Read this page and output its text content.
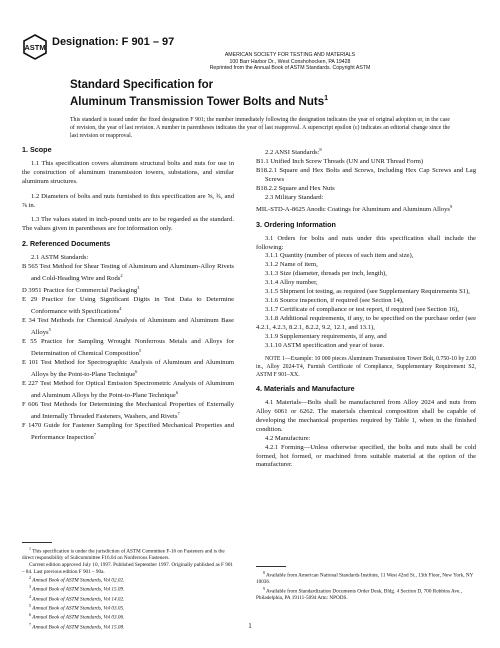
ASTM Designation: F 901 – 97
AMERICAN SOCIETY FOR TESTING AND MATERIALS
100 Barr Harbor Dr., West Conshohocken, PA 19428
Reprinted from the Annual Book of ASTM Standards. Copyright ASTM
Standard Specification for
Aluminum Transmission Tower Bolts and Nuts$^1$
This standard is issued under the fixed designation F 901; the number immediately following the designation indicates the year of original adoption or, in the case of revision, the year of last revision. A number in parentheses indicates the year of last reapproval. A superscript epsilon (ε) indicates an editorial change since the last revision or reapproval.
1. Scope

1.1 This specification covers aluminum structural bolts and nuts for use in the construction of aluminum transmission towers, substations, and similar aluminum structures.

1.2 Diameters of bolts and nuts furnished to this specification are ⅝, ¾, and ⅞ in.

1.3 The values stated in inch-pound units are to be regarded as the standard. The values given in parentheses are for information only.

2. Referenced Documents

2.1 ASTM Standards:

B 565 Test Method for Shear Testing of Aluminum and Aluminum-Alloy Rivets and Cold-Heading Wire and Rods$^2$

D 3951 Practice for Commercial Packaging$^3$

E 29 Practice for Using Significant Digits in Test Data to Determine Conformance with Specifications$^4$

E 34 Test Methods for Chemical Analysis of Aluminum and Aluminum Base Alloys$^5$

E 55 Practice for Sampling Wrought Nonferrous Metals and Alloys for Determination of Chemical Composition$^5$

E 101 Test Method for Spectrographic Analysis of Aluminum and Aluminum Alloys by the Point-to-Plane Technique$^6$

E 227 Test Method for Optical Emission Spectrometric Analysis of Aluminum and Aluminum Alloys by the Point-to-Plane Technique$^6$

F 606 Test Methods for Determining the Mechanical Properties of Externally and Internally Threaded Fasteners, Washers, and Rivets$^7$

F 1470 Guide for Fastener Sampling for Specified Mechanical Properties and Performance Inspection$^7$

$^1$ This specification is under the jurisdiction of ASTM Committee F-16 on Fasteners and is the direct responsibility of Subcommittee F16.04 on Nonferrous Fasteners.

Current edition approved July 10, 1997. Published September 1997. Originally published as F 901 – 84. Last previous edition F 901 – 90a.

$^2$ Annual Book of ASTM Standards, Vol 02.02.

$^3$ Annual Book of ASTM Standards, Vol 15.09.

$^4$ Annual Book of ASTM Standards, Vol 14.02.

$^5$ Annual Book of ASTM Standards, Vol 03.05.

$^6$ Annual Book of ASTM Standards, Vol 03.06.

$^7$ Annual Book of ASTM Standards, Vol 15.08.

2.2 ANSI Standards:$^8$

B1.1 Unified Inch Screw Threads (UN and UNR Thread Form)

B18.2.1 Square and Hex Bolts and Screws, Including Hex Cap Screws and Lag Screws

B18.2.2 Square and Hex Nuts

2.3 Military Standard:

MIL-STD-A-8625 Anodic Coatings for Aluminum and Aluminum Alloys$^9$

3. Ordering Information

3.1 Orders for bolts and nuts under this specification shall include the following:

3.1.1 Quantity (number of pieces of each item and size),

3.1.2 Name of item,

3.1.3 Size (diameter, threads per inch, length),

3.1.4 Alloy number,

3.1.5 Shipment lot testing, as required (see Supplementary Requirements S1),

3.1.6 Source inspection, if required (see Section 14),

3.1.7 Certificate of compliance or test report, if required (see Section 16),

3.1.8 Additional requirements, if any, to be specified on the purchase order (see 4.2.1, 4.2.3, 8.2.1, 8.2.2, 9.2, 12.1, and 13.1),

3.1.9 Supplementary requirements, if any, and

3.1.10 ASTM specification and year of issue.

NOTE 1—Example: 10 000 pieces Aluminum Transmission Tower Bolt, 0.750-10 by 2.00 in., Alloy 2024-T4, Furnish Certificate of Compliance, Supplementary Requirement S2, ASTM F 901–XX.

4. Materials and Manufacture

4.1 Materials—Bolts shall be manufactured from Alloy 2024 and nuts from Alloy 6061 or 6262. The materials chemical composition shall be capable of developing the mechanical properties required by Table 1, when in the finished condition.

4.2 Manufacture:

4.2.1 Forming—Unless otherwise specified, the bolts and nuts shall be cold formed, hot formed, or machined from suitable material at the option of the manufacturer.

$^8$ Available from American National Standards Institute, 11 West 42nd St., 13th Floor, New York, NY 10036.

$^9$ Available from Standardization Documents Order Desk, Bldg. 4 Section D, 700 Robbins Ave., Philadelphia, PA 19111-5094 Attn: NPODS.

1
